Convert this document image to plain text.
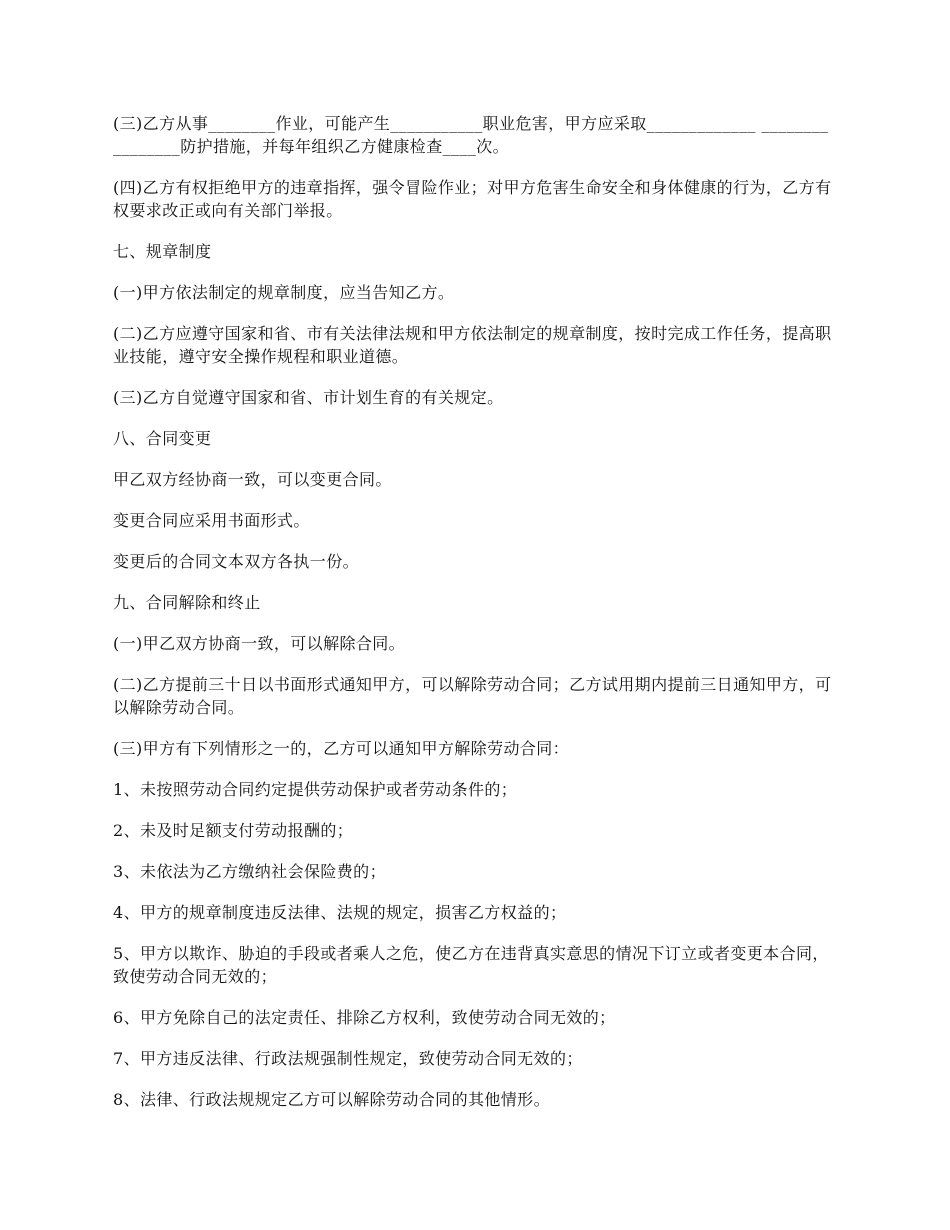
(三)乙方从事________作业，可能产生___________职业危害，甲方应采取_____________ ________________防护措施，并每年组织乙方健康检查____次。

(四)乙方有权拒绝甲方的违章指挥，强令冒险作业；对甲方危害生命安全和身体健康的行为，乙方有权要求改正或向有关部门举报。

七、规章制度

(一)甲方依法制定的规章制度，应当告知乙方。

(二)乙方应遵守国家和省、市有关法律法规和甲方依法制定的规章制度，按时完成工作任务，提高职业技能，遵守安全操作规程和职业道德。

(三)乙方自觉遵守国家和省、市计划生育的有关规定。

八、合同变更

甲乙双方经协商一致，可以变更合同。

变更合同应采用书面形式。

变更后的合同文本双方各执一份。

九、合同解除和终止

(一)甲乙双方协商一致，可以解除合同。

(二)乙方提前三十日以书面形式通知甲方，可以解除劳动合同；乙方试用期内提前三日通知甲方，可以解除劳动合同。

(三)甲方有下列情形之一的，乙方可以通知甲方解除劳动合同：

1、未按照劳动合同约定提供劳动保护或者劳动条件的；

2、未及时足额支付劳动报酬的；

3、未依法为乙方缴纳社会保险费的；

4、甲方的规章制度违反法律、法规的规定，损害乙方权益的；

5、甲方以欺诈、胁迫的手段或者乘人之危，使乙方在违背真实意思的情况下订立或者变更本合同，致使劳动合同无效的；

6、甲方免除自己的法定责任、排除乙方权利，致使劳动合同无效的；

7、甲方违反法律、行政法规强制性规定，致使劳动合同无效的；

8、法律、行政法规规定乙方可以解除劳动合同的其他情形。
